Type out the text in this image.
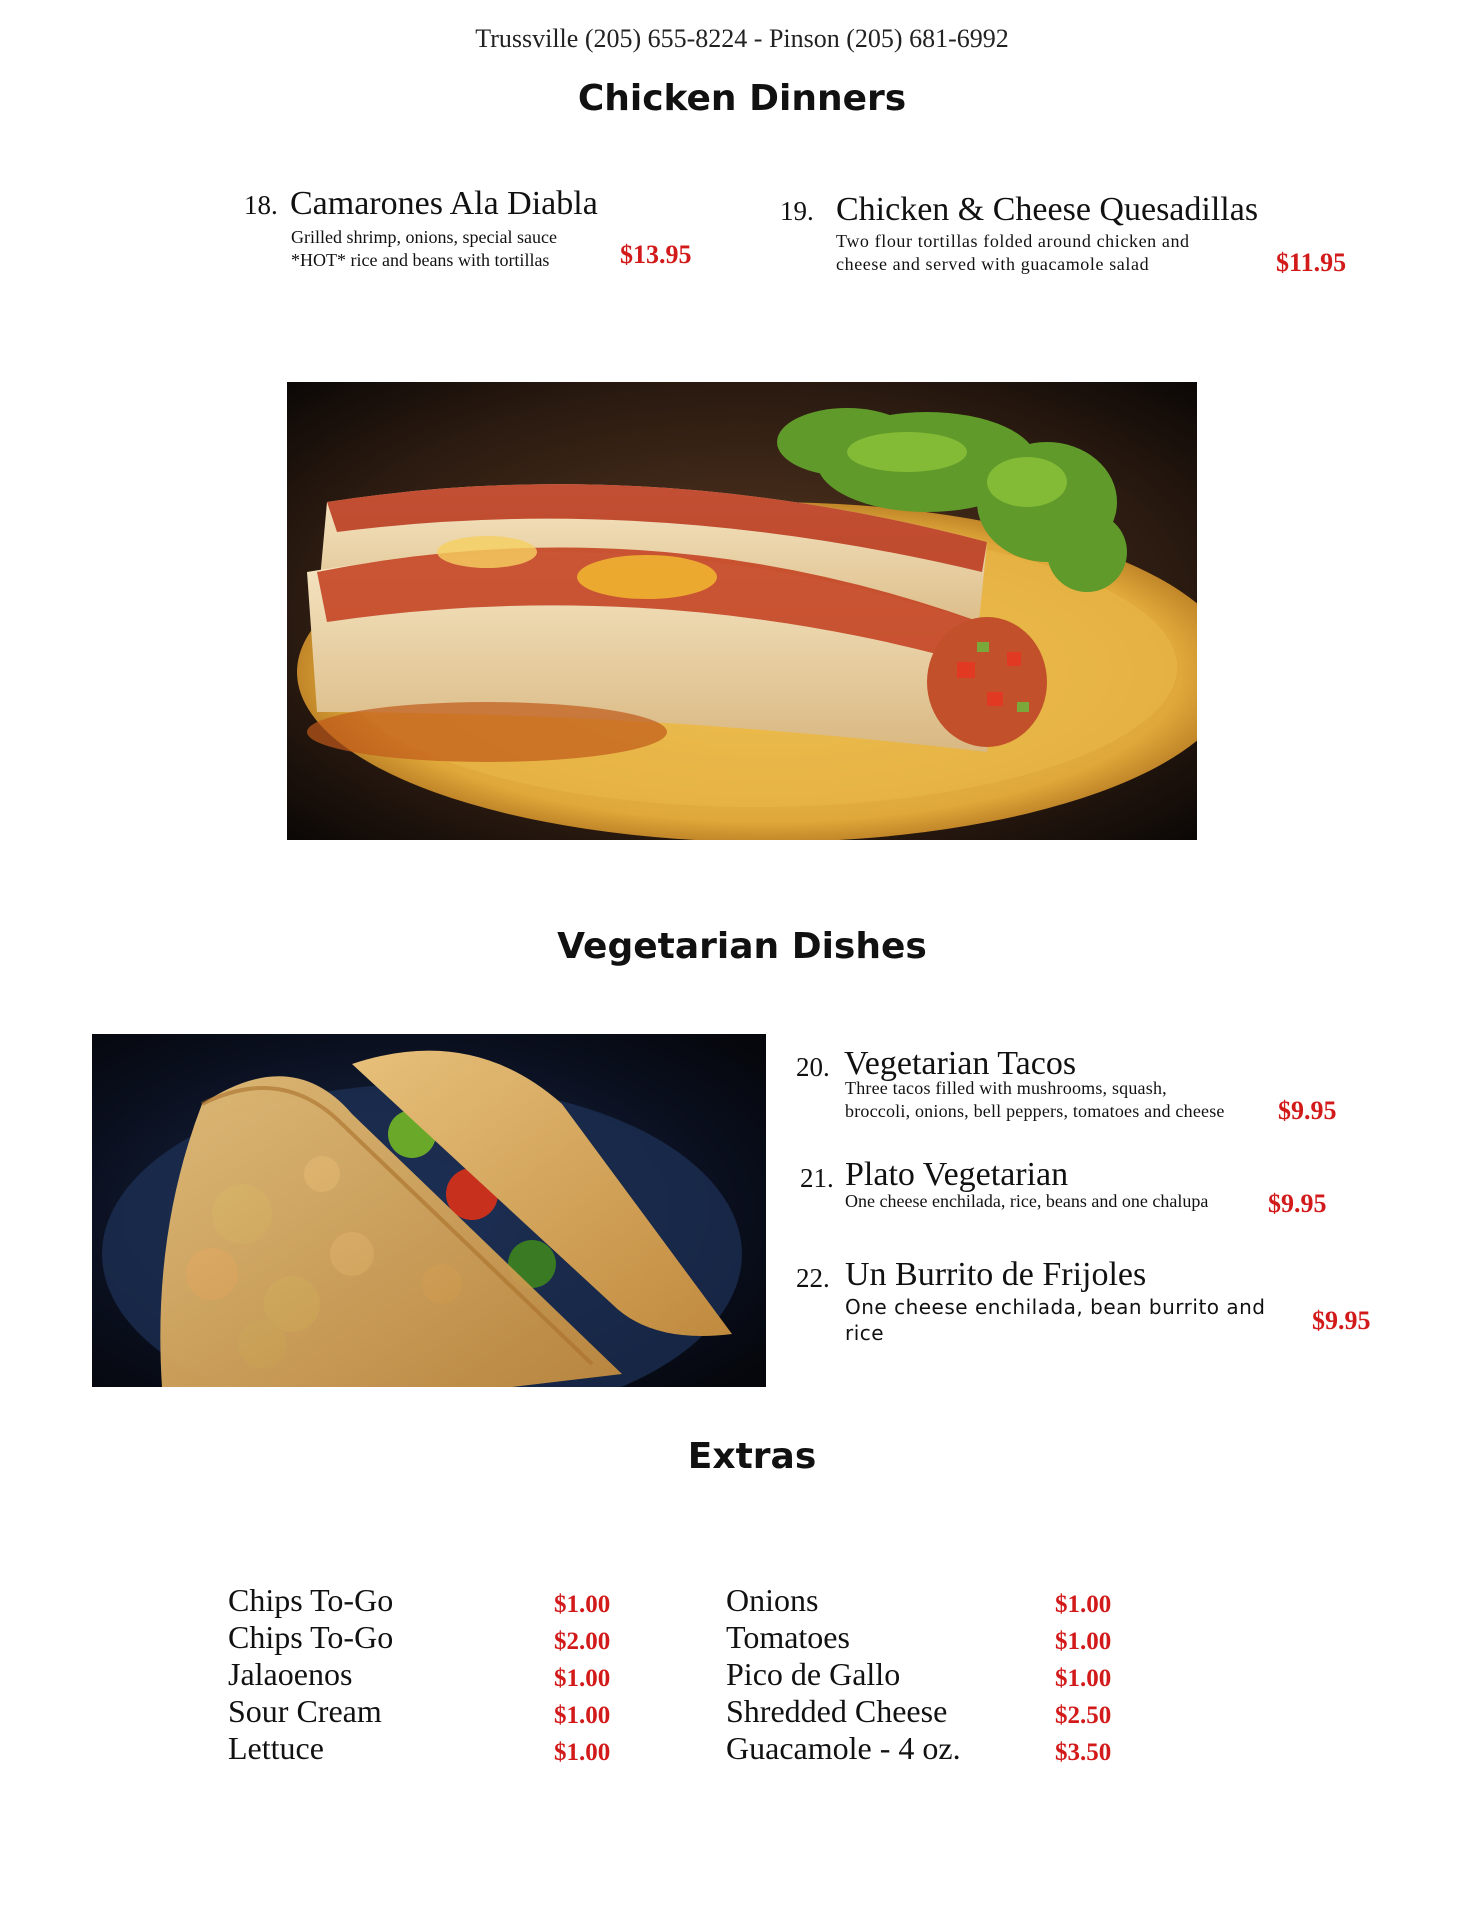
Trussville (205) 655-8224 - Pinson (205) 681-6992
Chicken Dinners
18. Camarones Ala Diabla
Grilled shrimp, onions, special sauce
*HOT* rice and beans with tortillas	$13.95
19. Chicken & Cheese Quesadillas
Two flour tortillas folded around chicken and
cheese and served with guacamole salad	$11.95
Vegetarian Dishes
20. Vegetarian Tacos
Three tacos filled with mushrooms, squash,
broccoli, onions, bell peppers, tomatoes and cheese	$9.95
21. Plato Vegetarian
One cheese enchilada, rice, beans and one chalupa	$9.95
22. Un Burrito de Frijoles
One cheese enchilada, bean burrito and
rice	$9.95
Extras
Chips To-Go	$1.00
Chips To-Go	$2.00
Jalaoenos	$1.00
Sour Cream	$1.00
Lettuce	$1.00
Onions	$1.00
Tomatoes	$1.00
Pico de Gallo	$1.00
Shredded Cheese	$2.50
Guacamole - 4 oz.	$3.50
